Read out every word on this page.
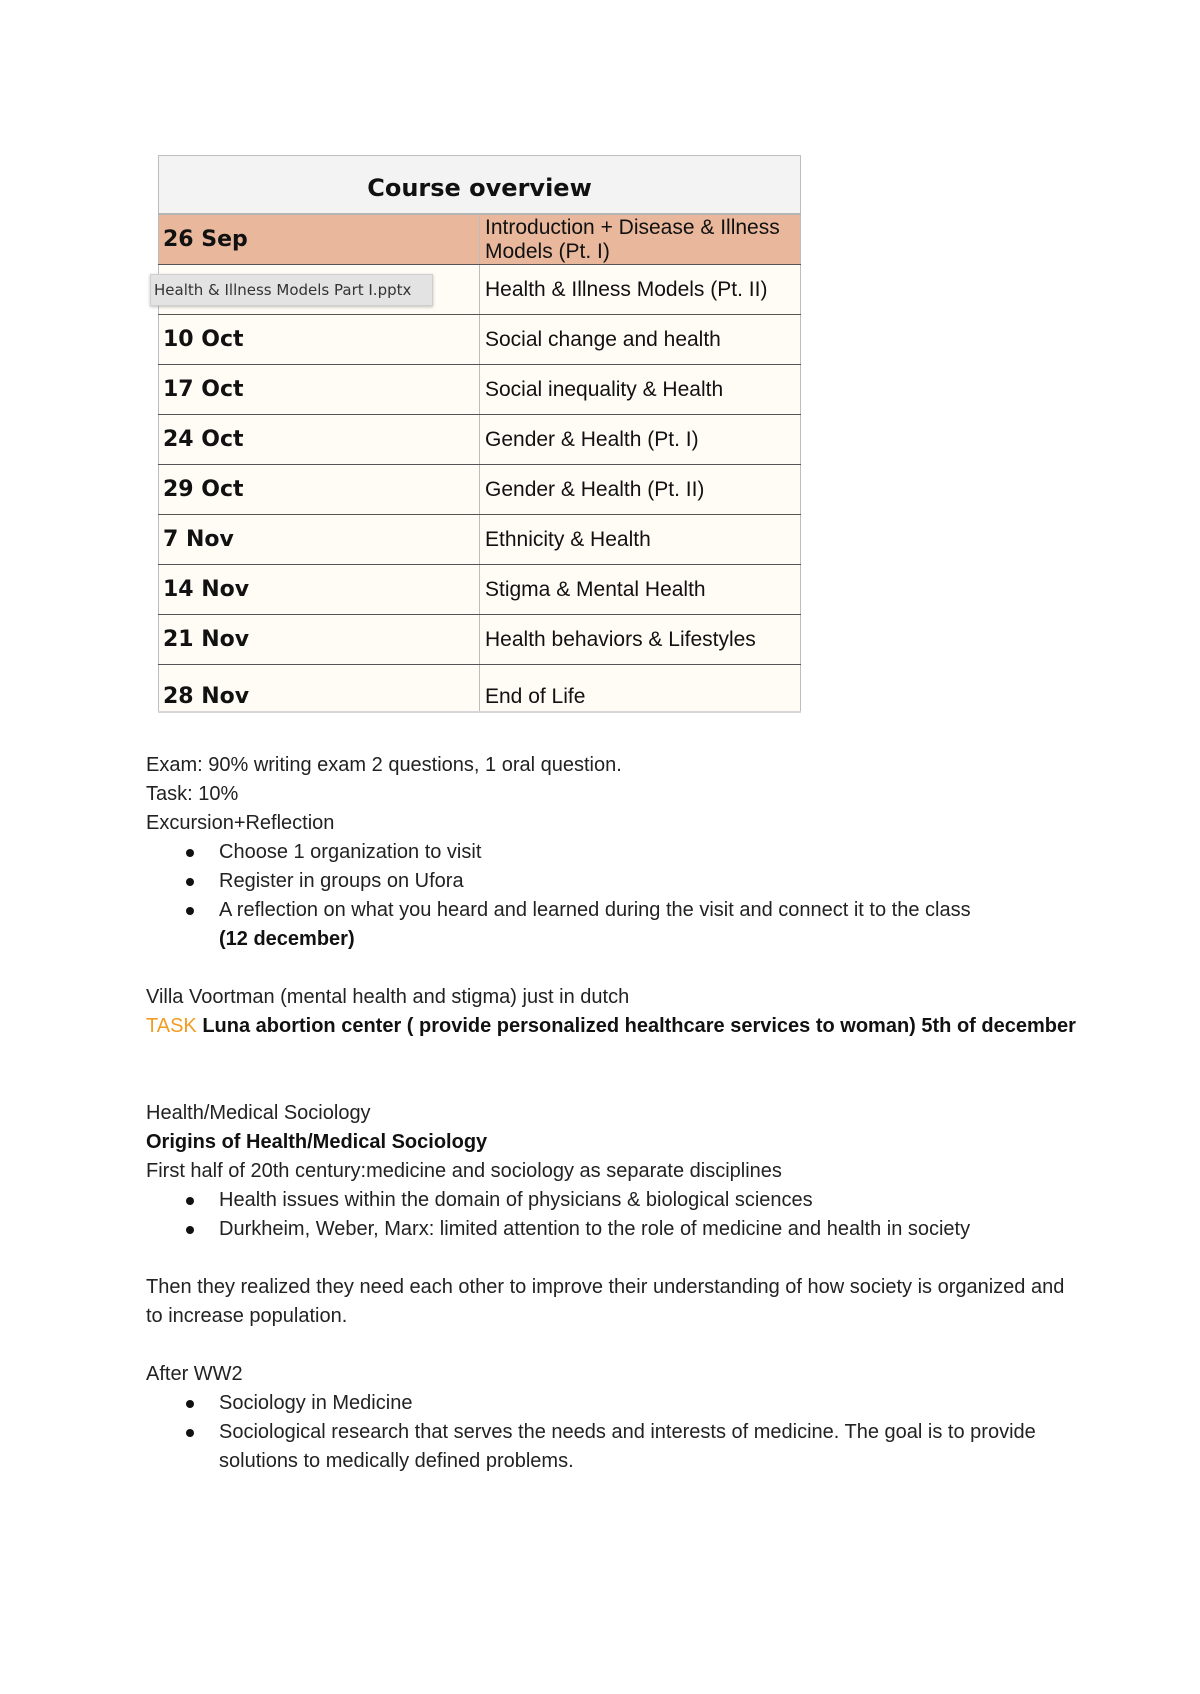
Course overview	
26 Sep	Introduction + Disease & Illness Models (Pt. I)
	Health & Illness Models (Pt. II)
10 Oct	Social change and health
17 Oct	Social inequality & Health
24 Oct	Gender & Health (Pt. I)
29 Oct	Gender & Health (Pt. II)
7 Nov	Ethnicity & Health
14 Nov	Stigma & Mental Health
21 Nov	Health behaviors & Lifestyles
28 Nov	End of Life
Health & Illness Models Part I.pptx

Exam: 90% writing exam 2 questions, 1 oral question.

Task: 10%

Excursion+Reflection

Choose 1 organization to visit
Register in groups on Ufora
A reflection on what you heard and learned during the visit and connect it to the class
(12 december)

Villa Voortman (mental health and stigma) just in dutch

TASK Luna abortion center ( provide personalized healthcare services to woman) 5th of december

Health/Medical Sociology

Origins of Health/Medical Sociology

First half of 20th century:medicine and sociology as separate disciplines

Health issues within the domain of physicians & biological sciences
Durkheim, Weber, Marx: limited attention to the role of medicine and health in society

Then they realized they need each other to improve their understanding of how society is organized and to increase population.

After WW2

Sociology in Medicine
Sociological research that serves the needs and interests of medicine. The goal is to provide solutions to medically defined problems.
